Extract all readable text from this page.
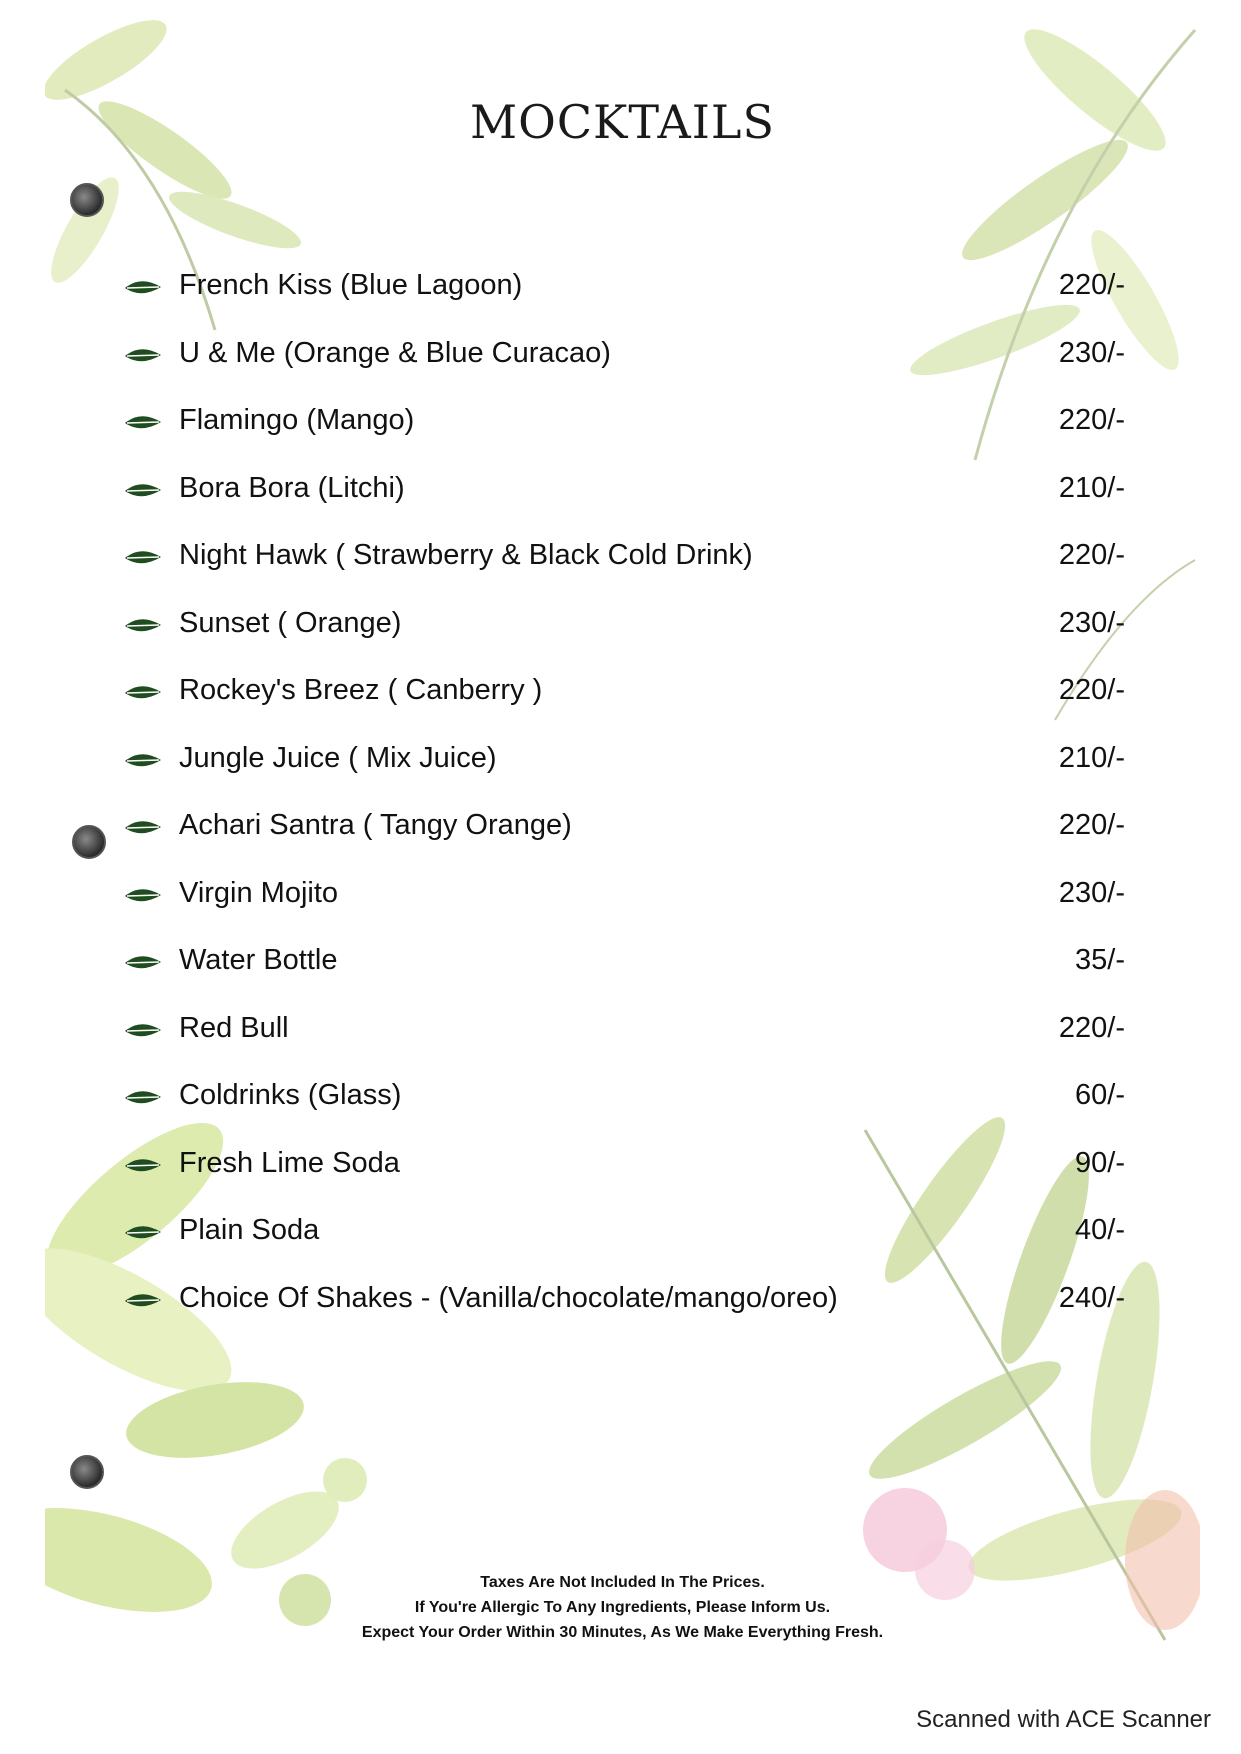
MOCKTAILS
French Kiss (Blue Lagoon)	220/-
U & Me (Orange & Blue Curacao)	230/-
Flamingo (Mango)	220/-
Bora Bora (Litchi)	210/-
Night Hawk ( Strawberry & Black Cold Drink)	220/-
Sunset ( Orange)	230/-
Rockey's Breez ( Canberry )	220/-
Jungle Juice ( Mix Juice)	210/-
Achari Santra ( Tangy Orange)	220/-
Virgin Mojito	230/-
Water Bottle	35/-
Red Bull	220/-
Coldrinks (Glass)	60/-
Fresh Lime Soda	90/-
Plain Soda	40/-
Choice Of Shakes - (Vanilla/chocolate/mango/oreo)	240/-
Taxes Are Not Included In The Prices.
If You're Allergic To Any Ingredients, Please Inform Us.
Expect Your Order Within 30 Minutes, As We Make Everything Fresh.
Scanned with ACE Scanner
